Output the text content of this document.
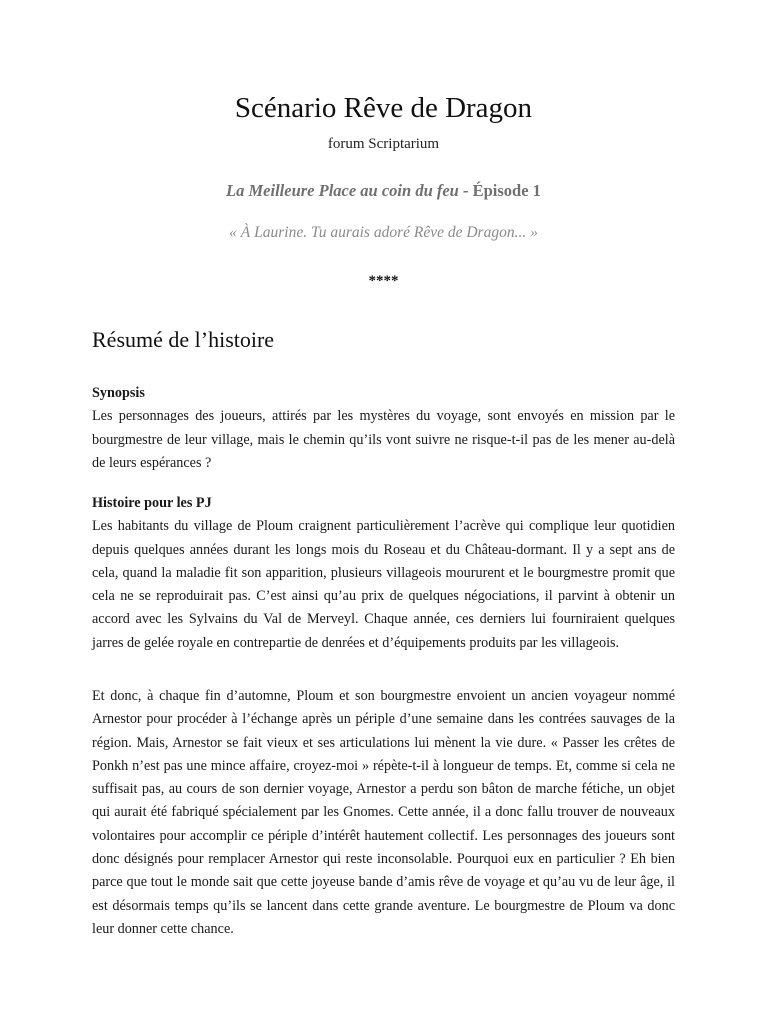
Scénario Rêve de Dragon
forum Scriptarium
La Meilleure Place au coin du feu - Épisode 1
« À Laurine. Tu aurais adoré Rêve de Dragon... »
****
Résumé de l’histoire
Synopsis

Les personnages des joueurs, attirés par les mystères du voyage, sont envoyés en mission par le bourgmestre de leur village, mais le chemin qu’ils vont suivre ne risque-t-il pas de les mener au-delà de leurs espérances ?

Histoire pour les PJ

Les habitants du village de Ploum craignent particulièrement l’acrève qui complique leur quotidien depuis quelques années durant les longs mois du Roseau et du Château-dormant. Il y a sept ans de cela, quand la maladie fit son apparition, plusieurs villageois moururent et le bourgmestre promit que cela ne se reproduirait pas. C’est ainsi qu’au prix de quelques négociations, il parvint à obtenir un accord avec les Sylvains du Val de Merveyl. Chaque année, ces derniers lui fourniraient quelques jarres de gelée royale en contrepartie de denrées et d’équipements produits par les villageois.

Et donc, à chaque fin d’automne, Ploum et son bourgmestre envoient un ancien voyageur nommé Arnestor pour procéder à l’échange après un périple d’une semaine dans les contrées sauvages de la région. Mais, Arnestor se fait vieux et ses articulations lui mènent la vie dure. « Passer les crêtes de Ponkh n’est pas une mince affaire, croyez-moi » répète-t-il à longueur de temps. Et, comme si cela ne suffisait pas, au cours de son dernier voyage, Arnestor a perdu son bâton de marche fétiche, un objet qui aurait été fabriqué spécialement par les Gnomes. Cette année, il a donc fallu trouver de nouveaux volontaires pour accomplir ce périple d’intérêt hautement collectif. Les personnages des joueurs sont donc désignés pour remplacer Arnestor qui reste inconsolable. Pourquoi eux en particulier ? Eh bien parce que tout le monde sait que cette joyeuse bande d’amis rêve de voyage et qu’au vu de leur âge, il est désormais temps qu’ils se lancent dans cette grande aventure. Le bourgmestre de Ploum va donc leur donner cette chance.
